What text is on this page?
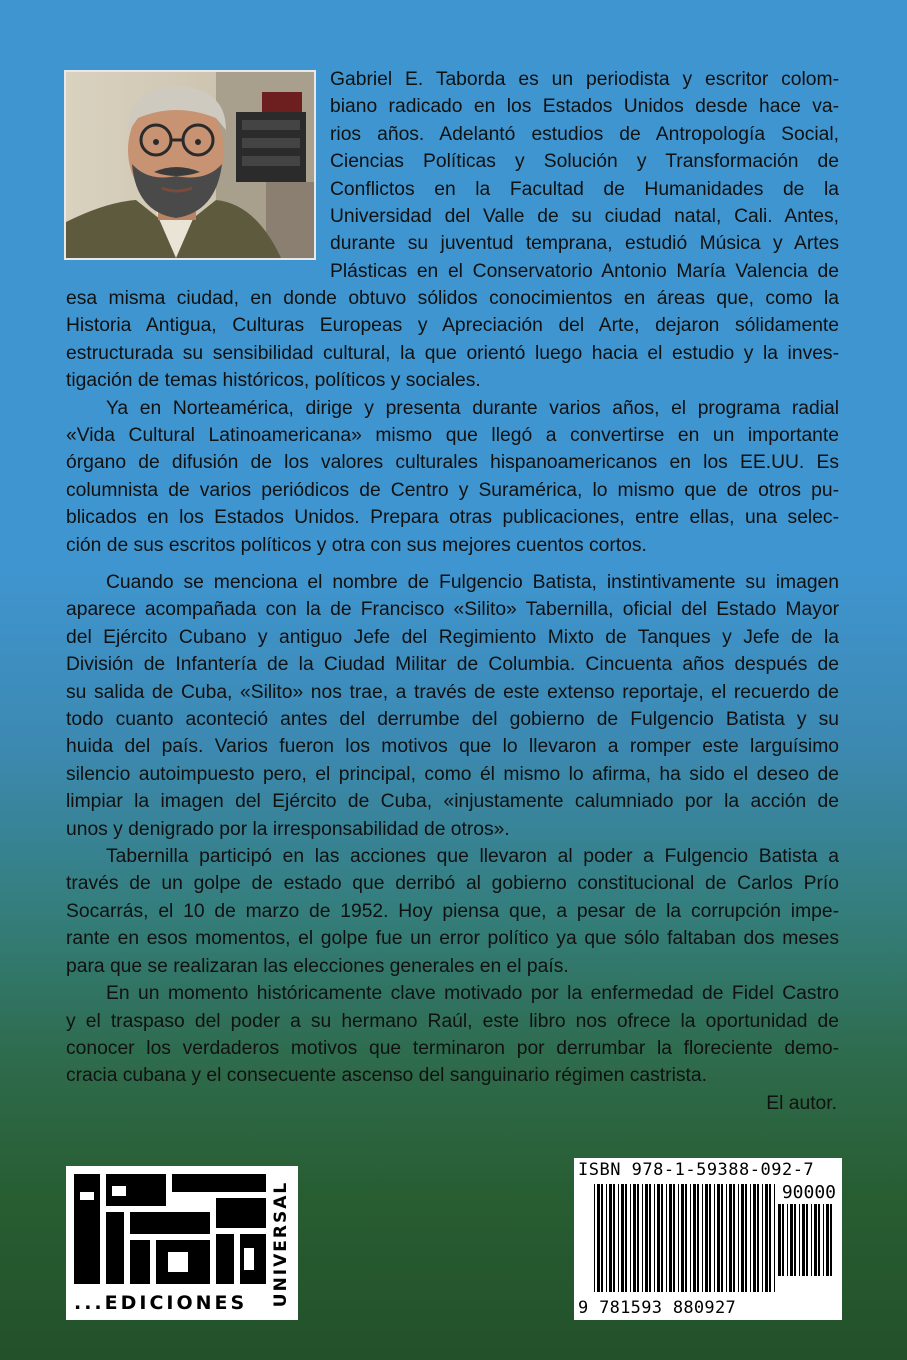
Gabriel E. Taborda es un periodista y escritor colom-
biano radicado en los Estados Unidos desde hace va-
rios años. Adelantó estudios de Antropología Social,
Ciencias Políticas y Solución y Transformación de
Conflictos en la Facultad de Humanidades de la
Universidad del Valle de su ciudad natal, Cali. Antes,
durante su juventud temprana, estudió Música y Artes
Plásticas en el Conservatorio Antonio María Valencia de
esa misma ciudad, en donde obtuvo sólidos conocimientos en áreas que, como la
Historia Antigua, Culturas Europeas y Apreciación del Arte, dejaron sólidamente
estructurada su sensibilidad cultural, la que orientó luego hacia el estudio y la inves-
tigación de temas históricos, políticos y sociales.
Ya en Norteamérica, dirige y presenta durante varios años, el programa radial
«Vida Cultural Latinoamericana» mismo que llegó a convertirse en un importante
órgano de difusión de los valores culturales hispanoamericanos en los EE.UU. Es
columnista de varios periódicos de Centro y Suramérica, lo mismo que de otros pu-
blicados en los Estados Unidos. Prepara otras publicaciones, entre ellas, una selec-
ción de sus escritos políticos y otra con sus mejores cuentos cortos.
Cuando se menciona el nombre de Fulgencio Batista, instintivamente su imagen
aparece acompañada con la de Francisco «Silito» Tabernilla, oficial del Estado Mayor
del Ejército Cubano y antiguo Jefe del Regimiento Mixto de Tanques y Jefe de la
División de Infantería de la Ciudad Militar de Columbia. Cincuenta años después de
su salida de Cuba, «Silito» nos trae, a través de este extenso reportaje, el recuerdo de
todo cuanto aconteció antes del derrumbe del gobierno de Fulgencio Batista y su
huida del país. Varios fueron los motivos que lo llevaron a romper este larguísimo
silencio autoimpuesto pero, el principal, como él mismo lo afirma, ha sido el deseo de
limpiar la imagen del Ejército de Cuba, «injustamente calumniado por la acción de
unos y denigrado por la irresponsabilidad de otros».
Tabernilla participó en las acciones que llevaron al poder a Fulgencio Batista a
través de un golpe de estado que derribó al gobierno constitucional de Carlos Prío
Socarrás, el 10 de marzo de 1952. Hoy piensa que, a pesar de la corrupción impe-
rante en esos momentos, el golpe fue un error político ya que sólo faltaban dos meses
para que se realizaran las elecciones generales en el país.
En un momento históricamente clave motivado por la enfermedad de Fidel Castro
y el traspaso del poder a su hermano Raúl, este libro nos ofrece la oportunidad de
conocer los verdaderos motivos que terminaron por derrumbar la floreciente demo-
cracia cubana y el consecuente ascenso del sanguinario régimen castrista.
El autor.
...EDICIONES UNIVERSAL
ISBN 978-1-59388-092-7
90000
9 781593 880927
